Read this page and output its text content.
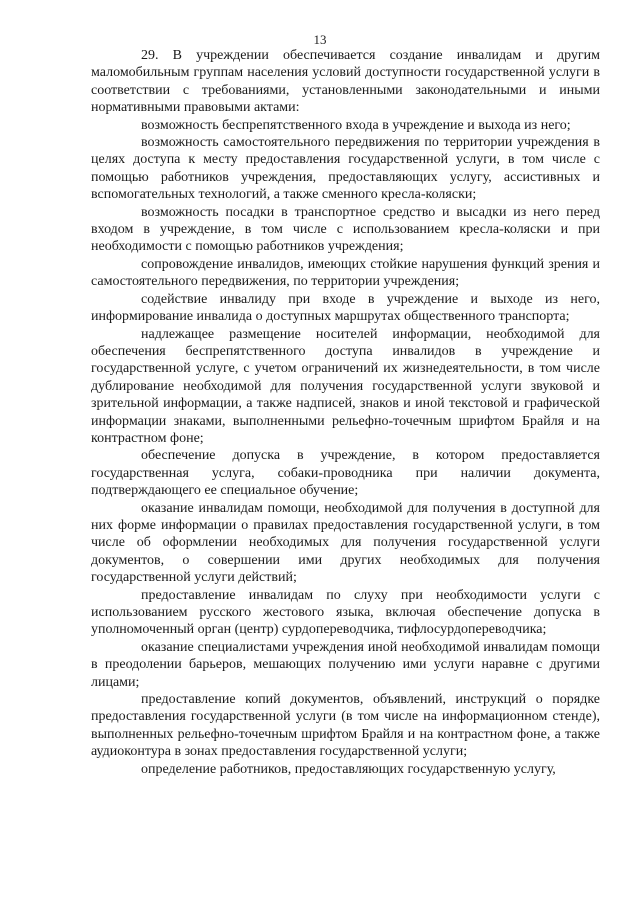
13

29. В учреждении обеспечивается создание инвалидам и другим маломобильным группам населения условий доступности государственной услуги в соответствии с требованиями, установленными законодательными и иными нормативными правовыми актами:

возможность беспрепятственного входа в учреждение и выхода из него;

возможность самостоятельного передвижения по территории учреждения в целях доступа к месту предоставления государственной услуги, в том числе с помощью работников учреждения, предоставляющих услугу, ассистивных и вспомогательных технологий, а также сменного кресла-коляски;

возможность посадки в транспортное средство и высадки из него перед входом в учреждение, в том числе с использованием кресла-коляски и при необходимости с помощью работников учреждения;

сопровождение инвалидов, имеющих стойкие нарушения функций зрения и самостоятельного передвижения, по территории учреждения;

содействие инвалиду при входе в учреждение и выходе из него, информирование инвалида о доступных маршрутах общественного транспорта;

надлежащее размещение носителей информации, необходимой для обеспечения беспрепятственного доступа инвалидов в учреждение и государственной услуге, с учетом ограничений их жизнедеятельности, в том числе дублирование необходимой для получения государственной услуги звуковой и зрительной информации, а также надписей, знаков и иной текстовой и графической информации знаками, выполненными рельефно-точечным шрифтом Брайля и на контрастном фоне;

обеспечение допуска в учреждение, в котором предоставляется государственная услуга, собаки-проводника при наличии документа, подтверждающего ее специальное обучение;

оказание инвалидам помощи, необходимой для получения в доступной для них форме информации о правилах предоставления государственной услуги, в том числе об оформлении необходимых для получения государственной услуги документов, о совершении ими других необходимых для получения государственной услуги действий;

предоставление инвалидам по слуху при необходимости услуги с использованием русского жестового языка, включая обеспечение допуска в уполномоченный орган (центр) сурдопереводчика, тифлосурдопереводчика;

оказание специалистами учреждения иной необходимой инвалидам помощи в преодолении барьеров, мешающих получению ими услуги наравне с другими лицами;

предоставление копий документов, объявлений, инструкций о порядке предоставления государственной услуги (в том числе на информационном стенде), выполненных рельефно-точечным шрифтом Брайля и на контрастном фоне, а также аудиоконтура в зонах предоставления государственной услуги;

определение работников, предоставляющих государственную услугу,
